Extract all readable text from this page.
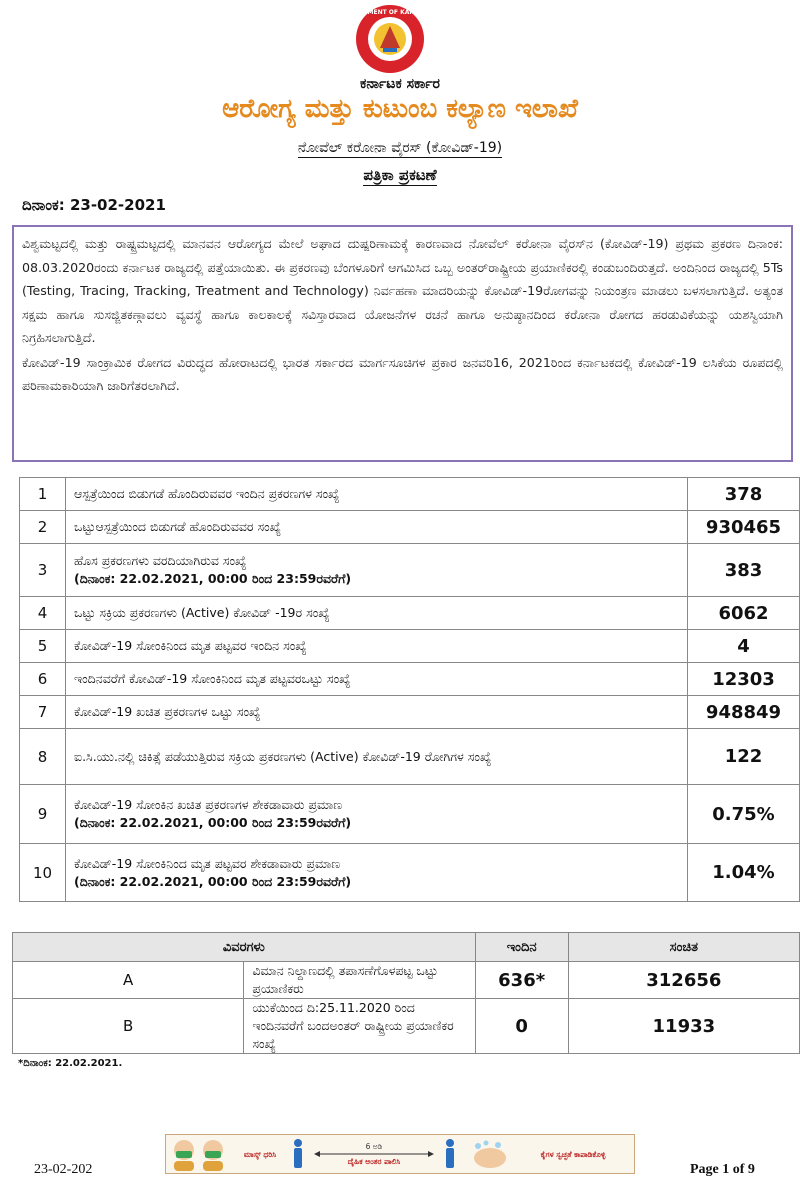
GOVERNMENT OF KARNATAKA
ಕರ್ನಾಟಕ ಸರ್ಕಾರ
ಆರೋಗ್ಯ ಮತ್ತು ಕುಟುಂಬ ಕಲ್ಯಾಣ ಇಲಾಖೆ
ನೋವೆಲ್ ಕರೋನಾ ವೈರಸ್ (ಕೋವಿಡ್-19)
ಪತ್ರಿಕಾ ಪ್ರಕಟಣೆ
ದಿನಾಂಕ: 23-02-2021

ವಿಶ್ವಮಟ್ಟದಲ್ಲಿ ಮತ್ತು ರಾಷ್ಟ್ರಮಟ್ಟದಲ್ಲಿ ಮಾನವನ ಆರೋಗ್ಯದ ಮೇಲೆ ಅಘಾದ ದುಷ್ಪರಿಣಾಮಕ್ಕೆ ಕಾರಣವಾದ ನೋವೆಲ್ ಕರೋನಾ ವೈರಸ್‌ನ (ಕೋವಿಡ್-19) ಪ್ರಥಮ ಪ್ರಕರಣ ದಿನಾಂಕ: 08.03.2020ರಂದು ಕರ್ನಾಟಕ ರಾಜ್ಯದಲ್ಲಿ ಪತ್ತೆಯಾಯಿತು. ಈ ಪ್ರಕರಣವು ಬೆಂಗಳೂರಿಗೆ ಆಗಮಿಸಿದ ಒಬ್ಬ ಅಂತರ್‌ರಾಷ್ಟ್ರೀಯ ಪ್ರಯಾಣಿಕರಲ್ಲಿ ಕಂಡುಬಂದಿರುತ್ತದೆ. ಅಂದಿನಿಂದ ರಾಜ್ಯದಲ್ಲಿ 5Ts (Testing, Tracing, Tracking, Treatment and Technology) ನಿರ್ವಹಣಾ ಮಾದರಿಯನ್ನು ಕೋವಿಡ್-19ರೋಗವನ್ನು ನಿಯಂತ್ರಣ ಮಾಡಲು ಬಳಸಲಾಗುತ್ತಿದೆ. ಅತ್ಯಂತ ಸಕ್ಷಮ ಹಾಗೂ ಸುಸಜ್ಜಿತಕಣ್ಗಾವಲು ವ್ಯವಸ್ಥೆ ಹಾಗೂ ಕಾಲಕಾಲಕ್ಕೆ ಸವಿಸ್ತಾರವಾದ ಯೋಜನೆಗಳ ರಚನೆ ಹಾಗೂ ಅನುಷ್ಠಾನದಿಂದ ಕರೋನಾ ರೋಗದ ಹರಡುವಿಕೆಯನ್ನು ಯಶಸ್ವಿಯಾಗಿ ನಿಗ್ರಹಿಸಲಾಗುತ್ತಿದೆ.

ಕೋವಿಡ್-19 ಸಾಂಕ್ರಾಮಿಕ ರೋಗದ ವಿರುದ್ಧದ ಹೋರಾಟದಲ್ಲಿ ಭಾರತ ಸರ್ಕಾರದ ಮಾರ್ಗಸೂಚಿಗಳ ಪ್ರಕಾರ ಜನವರಿ16, 2021ರಿಂದ ಕರ್ನಾಟಕದಲ್ಲಿ ಕೋವಿಡ್-19 ಲಸಿಕೆಯ ರೂಪದಲ್ಲಿ ಪರಿಣಾಮಕಾರಿಯಾಗಿ ಜಾರಿಗೆತರಲಾಗಿದೆ.

1	ಆಸ್ಪತ್ರೆಯಿಂದ ಬಿಡುಗಡೆ ಹೊಂದಿರುವವರ ಇಂದಿನ ಪ್ರಕರಣಗಳ ಸಂಖ್ಯೆ	378
2	ಒಟ್ಟುಆಸ್ಪತ್ರೆಯಿಂದ ಬಿಡುಗಡೆ ಹೊಂದಿರುವವರ ಸಂಖ್ಯೆ	930465
3	ಹೊಸ ಪ್ರಕರಣಗಳು ವರದಿಯಾಗಿರುವ ಸಂಖ್ಯೆ
(ದಿನಾಂಕ: 22.02.2021, 00:00 ರಿಂದ 23:59ರವರೆಗೆ)	383
4	ಒಟ್ಟು ಸಕ್ರಿಯ ಪ್ರಕರಣಗಳು (Active) ಕೋವಿಡ್ -19ರ ಸಂಖ್ಯೆ	6062
5	ಕೋವಿಡ್-19 ಸೋಂಕಿನಿಂದ ಮೃತ ಪಟ್ಟವರ ಇಂದಿನ ಸಂಖ್ಯೆ	4
6	ಇಂದಿನವರೆಗೆ ಕೋವಿಡ್-19 ಸೋಂಕಿನಿಂದ ಮೃತ ಪಟ್ಟವರಒಟ್ಟು ಸಂಖ್ಯೆ	12303
7	ಕೋವಿಡ್-19 ಖಚಿತ ಪ್ರಕರಣಗಳ ಒಟ್ಟು ಸಂಖ್ಯೆ	948849
8	ಐ.ಸಿ.ಯು.ನಲ್ಲಿ ಚಿಕಿತ್ಸೆ ಪಡೆಯುತ್ತಿರುವ ಸಕ್ರಿಯ ಪ್ರಕರಣಗಳು (Active) ಕೋವಿಡ್-19 ರೋಗಿಗಳ ಸಂಖ್ಯೆ	122
9	ಕೋವಿಡ್-19 ಸೋಂಕಿನ ಖಚಿತ ಪ್ರಕರಣಗಳ ಶೇಕಡಾವಾರು ಪ್ರಮಾಣ
(ದಿನಾಂಕ: 22.02.2021, 00:00 ರಿಂದ 23:59ರವರೆಗೆ)	0.75%
10	ಕೋವಿಡ್-19 ಸೋಂಕಿನಿಂದ ಮೃತ ಪಟ್ಟವರ ಶೇಕಡಾವಾರು ಪ್ರಮಾಣ
(ದಿನಾಂಕ: 22.02.2021, 00:00 ರಿಂದ 23:59ರವರೆಗೆ)	1.04%
ವಿವರಗಳು		ಇಂದಿನ	ಸಂಚಿತ
A	ವಿಮಾನ ನಿಲ್ದಾಣದಲ್ಲಿ ತಪಾಸಣೆಗೊಳಪಟ್ಟ ಒಟ್ಟು ಪ್ರಯಾಣಿಕರು	636*	312656
B	ಯುಕೆಯಿಂದ ದಿ:25.11.2020 ರಿಂದ ಇಂದಿನವರೆಗೆ ಬಂದಅಂತರ್ ರಾಷ್ಟ್ರೀಯ ಪ್ರಯಾಣಿಕರ ಸಂಖ್ಯೆ	0	11933
*ದಿನಾಂಕ: 22.02.2021.
23-02-202
ಮಾಸ್ಕ್ ಧರಿಸಿ
6 ಅಡಿ
ದೈಹಿಕ ಅಂತರ ಪಾಲಿಸಿ
ಕೈಗಳ ಸ್ವಚ್ಛತೆ ಕಾಪಾಡಿಕೊಳ್ಳಿ
Page 1 of 9
